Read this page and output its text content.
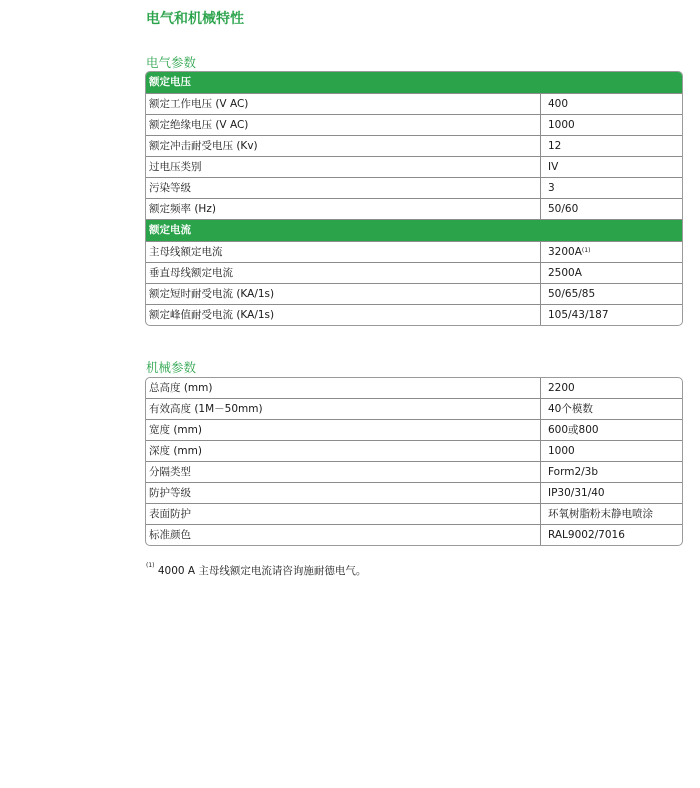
电气和机械特性
电气参数
额定电压
额定工作电压 (V AC)	400
额定绝缘电压 (V AC)	1000
额定冲击耐受电压 (Kv)	12
过电压类别	IV
污染等级	3
额定频率 (Hz)	50/60
额定电流
主母线额定电流	$3200A^{(1)}$
垂直母线额定电流	2500A
额定短时耐受电流 (KA/1s)	50/65/85
额定峰值耐受电流 (KA/1s)	105/43/187
机械参数
总高度 (mm)	2200
有效高度 (1M－50mm)	40个模数
宽度 (mm)	600或800
深度 (mm)	1000
分隔类型	Form2/3b
防护等级	IP30/31/40
表面防护	环氧树脂粉末静电喷涂
标准颜色	RAL9002/7016
$^{(1)}$ 4000 A 主母线额定电流请咨询施耐德电气。
